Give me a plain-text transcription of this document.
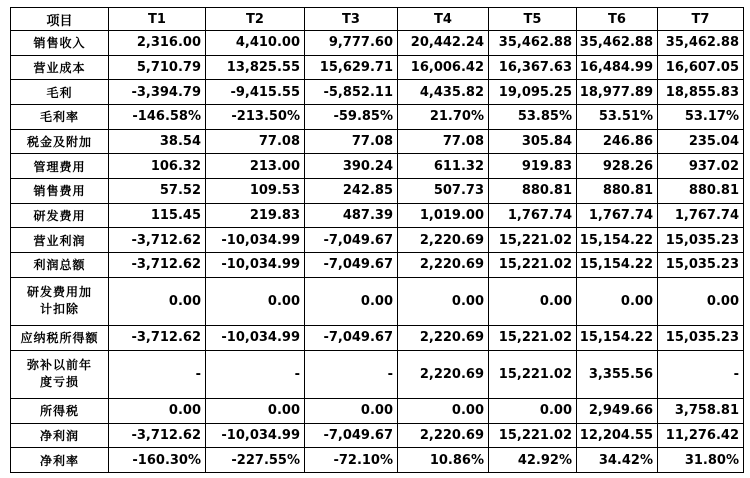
项目	T1	T2	T3	T4	T5	T6	T7
销售收入	2,316.00	4,410.00	9,777.60	20,442.24	35,462.88	35,462.88	35,462.88
营业成本	5,710.79	13,825.55	15,629.71	16,006.42	16,367.63	16,484.99	16,607.05
毛利	-3,394.79	-9,415.55	-5,852.11	4,435.82	19,095.25	18,977.89	18,855.83
毛利率	-146.58%	-213.50%	-59.85%	21.70%	53.85%	53.51%	53.17%
税金及附加	38.54	77.08	77.08	77.08	305.84	246.86	235.04
管理费用	106.32	213.00	390.24	611.32	919.83	928.26	937.02
销售费用	57.52	109.53	242.85	507.73	880.81	880.81	880.81
研发费用	115.45	219.83	487.39	1,019.00	1,767.74	1,767.74	1,767.74
营业利润	-3,712.62	-10,034.99	-7,049.67	2,220.69	15,221.02	15,154.22	15,035.23
利润总额	-3,712.62	-10,034.99	-7,049.67	2,220.69	15,221.02	15,154.22	15,035.23
研发费用加计扣除	0.00	0.00	0.00	0.00	0.00	0.00	0.00
应纳税所得额	-3,712.62	-10,034.99	-7,049.67	2,220.69	15,221.02	15,154.22	15,035.23
弥补以前年度亏损	-	-	-	2,220.69	15,221.02	3,355.56	-
所得税	0.00	0.00	0.00	0.00	0.00	2,949.66	3,758.81
净利润	-3,712.62	-10,034.99	-7,049.67	2,220.69	15,221.02	12,204.55	11,276.42
净利率	-160.30%	-227.55%	-72.10%	10.86%	42.92%	34.42%	31.80%
